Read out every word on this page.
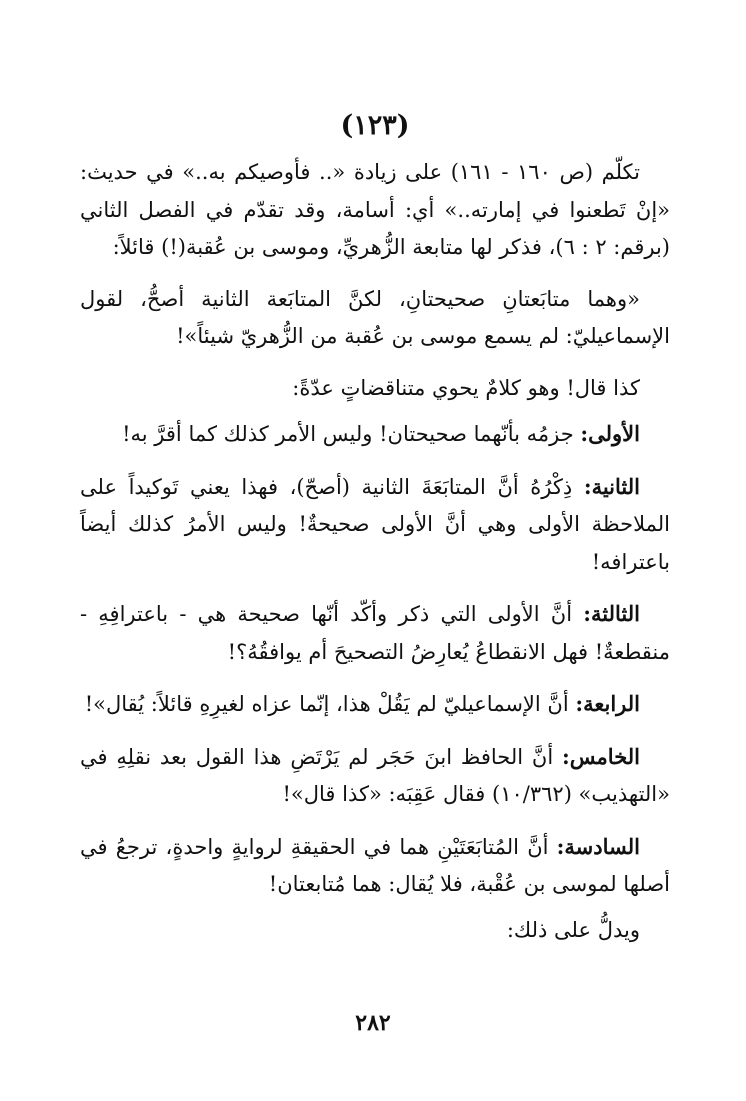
(١٢٣)

تكلّم (ص ١٦٠ - ١٦١) على زيادة «.. فأوصيكم به..» في حديث: «إنْ تَطعنوا في إمارته..» أي: أسامة، وقد تقدّم في الفصل الثاني (برقم: ٢ : ٦)، فذكر لها متابعة الزُّهريِّ، وموسى بن عُقبة(!) قائلاً:

«وهما متابَعتانِ صحيحتانِ، لكنَّ المتابَعة الثانية أصحُّ، لقول الإسماعيليّ: لم يسمع موسى بن عُقبة من الزُّهريّ شيئاً»!

كذا قال! وهو كلامٌ يحوي متناقضاتٍ عدّةً:

الأولى: جزمُه بأنّهما صحيحتان! وليس الأمر كذلك كما أقرَّ به!

الثانية: ذِكْرُهُ أنَّ المتابَعَةَ الثانية (أصحّ)، فهذا يعني تَوكيداً على الملاحظة الأولى وهي أنَّ الأولى صحيحةٌ! وليس الأمرُ كذلك أيضاً باعترافه!

الثالثة: أنَّ الأولى التي ذكر وأكّد أنّها صحيحة هي - باعترافِهِ - منقطعةٌ! فهل الانقطاعُ يُعارِضُ التصحيحَ أم يوافقُهُ؟!

الرابعة: أنَّ الإسماعيليّ لم يَقُلْ هذا، إنّما عزاه لغيرِهِ قائلاً: يُقال»!

الخامس: أنَّ الحافظ ابنَ حَجَر لم يَرْتَضِ هذا القول بعد نقلِهِ في «التهذيب» (١٠/٣٦٢) فقال عَقِبَه: «كذا قال»!

السادسة: أنَّ المُتابَعَتَيْنِ هما في الحقيقةِ لروايةٍ واحدةٍ، ترجعُ في أصلها لموسى بن عُقْبة، فلا يُقال: هما مُتابعتان!

ويدلُّ على ذلك:

٢٨٢
